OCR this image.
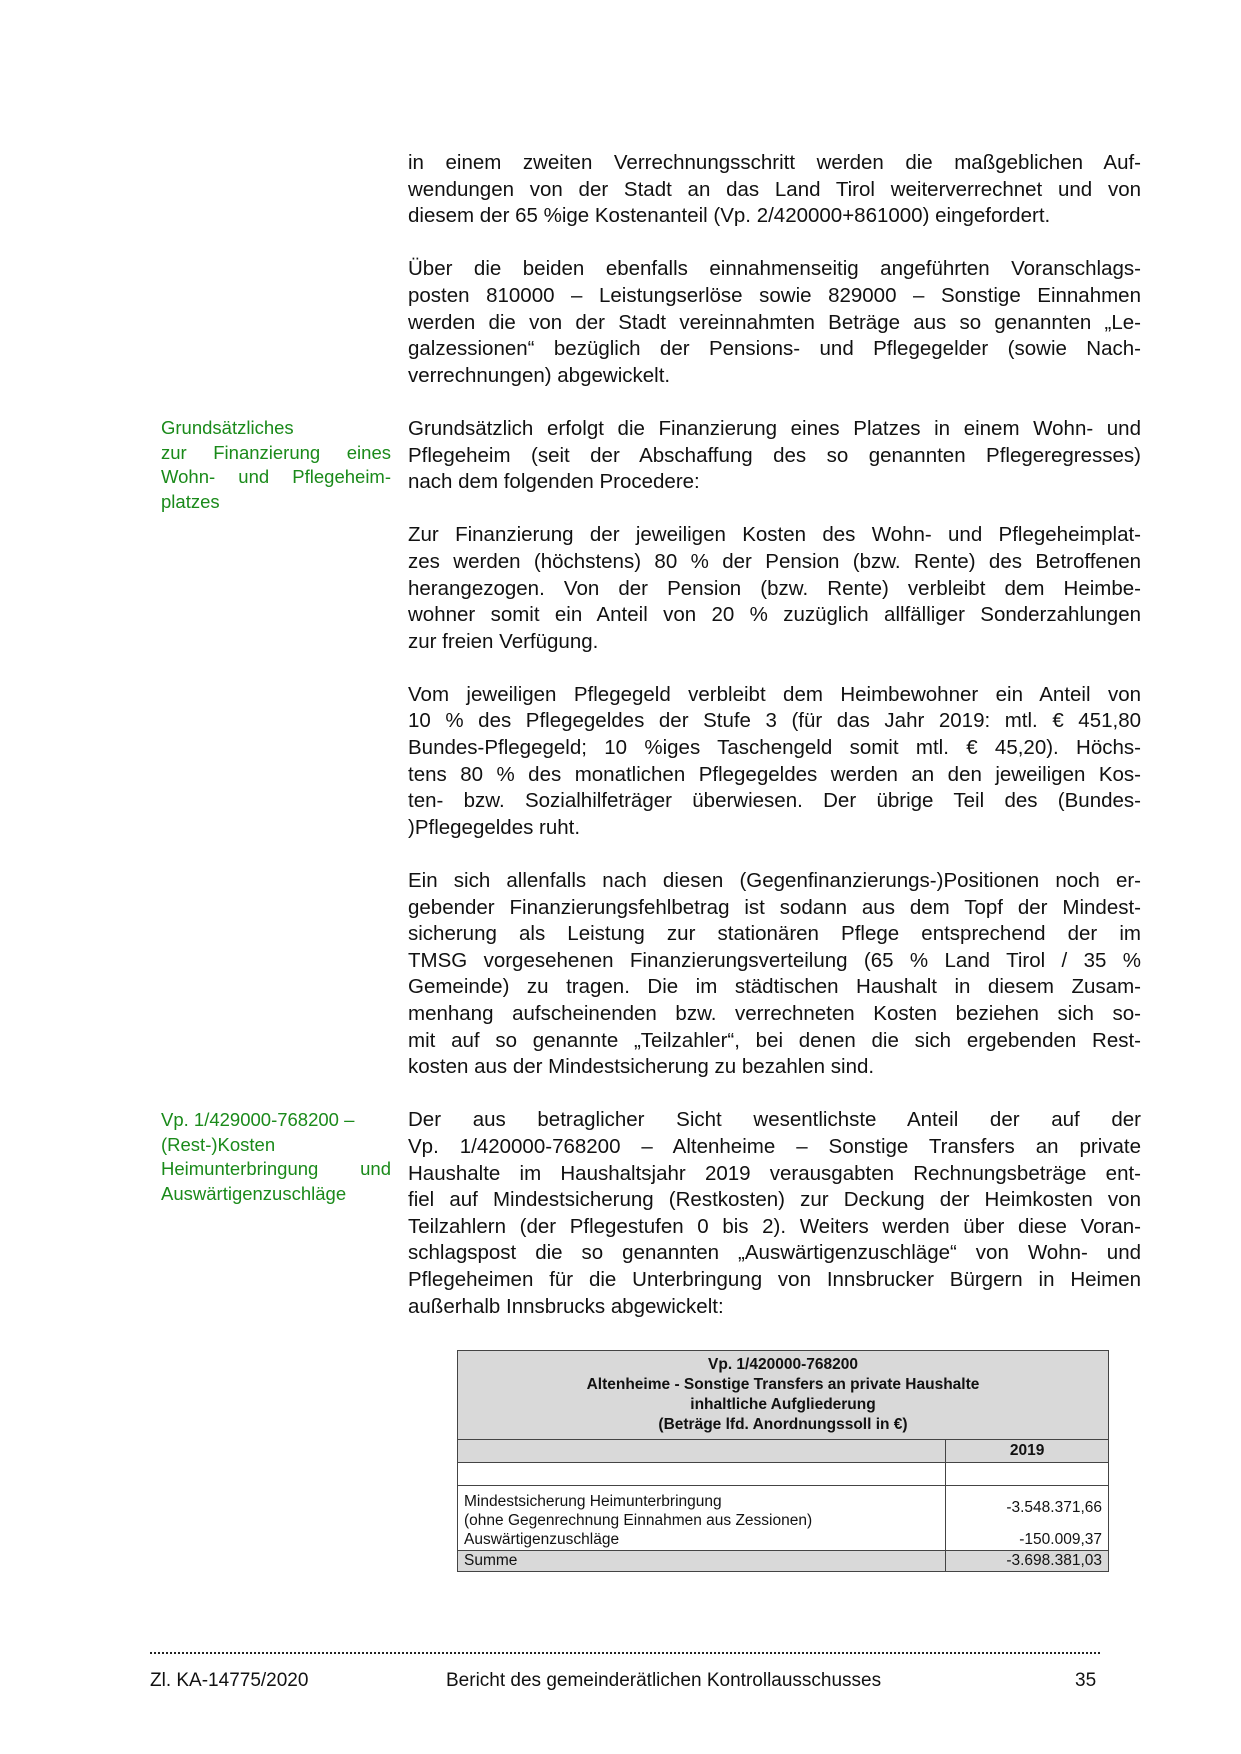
in einem zweiten Verrechnungsschritt werden die maßgeblichen Auf-
wendungen von der Stadt an das Land Tirol weiterverrechnet und von
diesem der 65 %ige Kostenanteil (Vp. 2/420000+861000) eingefordert.
Über die beiden ebenfalls einnahmenseitig angeführten Voranschlags-
posten 810000 – Leistungserlöse sowie 829000 – Sonstige Einnahmen
werden die von der Stadt vereinnahmten Beträge aus so genannten „Le-
galzessionen“ bezüglich der Pensions- und Pflegegelder (sowie Nach-
verrechnungen) abgewickelt.
Grundsätzlich erfolgt die Finanzierung eines Platzes in einem Wohn- und
Pflegeheim (seit der Abschaffung des so genannten Pflegeregresses)
nach dem folgenden Procedere:
Zur Finanzierung der jeweiligen Kosten des Wohn- und Pflegeheimplat-
zes werden (höchstens) 80 % der Pension (bzw. Rente) des Betroffenen
herangezogen. Von der Pension (bzw. Rente) verbleibt dem Heimbe-
wohner somit ein Anteil von 20 % zuzüglich allfälliger Sonderzahlungen
zur freien Verfügung.
Vom jeweiligen Pflegegeld verbleibt dem Heimbewohner ein Anteil von
10 % des Pflegegeldes der Stufe 3 (für das Jahr 2019: mtl. € 451,80
Bundes-Pflegegeld; 10 %iges Taschengeld somit mtl. € 45,20). Höchs-
tens 80 % des monatlichen Pflegegeldes werden an den jeweiligen Kos-
ten- bzw. Sozialhilfeträger überwiesen. Der übrige Teil des (Bundes-
)Pflegegeldes ruht.
Ein sich allenfalls nach diesen (Gegenfinanzierungs-)Positionen noch er-
gebender Finanzierungsfehlbetrag ist sodann aus dem Topf der Mindest-
sicherung als Leistung zur stationären Pflege entsprechend der im
TMSG vorgesehenen Finanzierungsverteilung (65 % Land Tirol / 35 %
Gemeinde) zu tragen. Die im städtischen Haushalt in diesem Zusam-
menhang aufscheinenden bzw. verrechneten Kosten beziehen sich so-
mit auf so genannte „Teilzahler“, bei denen die sich ergebenden Rest-
kosten aus der Mindestsicherung zu bezahlen sind.
Der aus betraglicher Sicht wesentlichste Anteil der auf der
Vp. 1/420000-768200 – Altenheime – Sonstige Transfers an private
Haushalte im Haushaltsjahr 2019 verausgabten Rechnungsbeträge ent-
fiel auf Mindestsicherung (Restkosten) zur Deckung der Heimkosten von
Teilzahlern (der Pflegestufen 0 bis 2). Weiters werden über diese Voran-
schlagspost die so genannten „Auswärtigenzuschläge“ von Wohn- und
Pflegeheimen für die Unterbringung von Innsbrucker Bürgern in Heimen
außerhalb Innsbrucks abgewickelt:
Grundsätzliches
zur Finanzierung eines
Wohn- und Pflegeheim-
platzes
Vp. 1/429000-768200 –
(Rest-)Kosten
Heimunterbringung und
Auswärtigenzuschläge
Vp. 1/420000-768200
Altenheime - Sonstige Transfers an private Haushalte
inhaltliche Aufgliederung
(Beträge lfd. Anordnungssoll in €)	

	2019

Mindestsicherung Heimunterbringung
(ohne Gegenrechnung Einnahmen aus Zessionen)	-3.548.371,66
Auswärtigenzuschläge	-150.009,37
Summe	-3.698.381,03
Zl. KA-14775/2020	Bericht des gemeinderätlichen Kontrollausschusses	35
